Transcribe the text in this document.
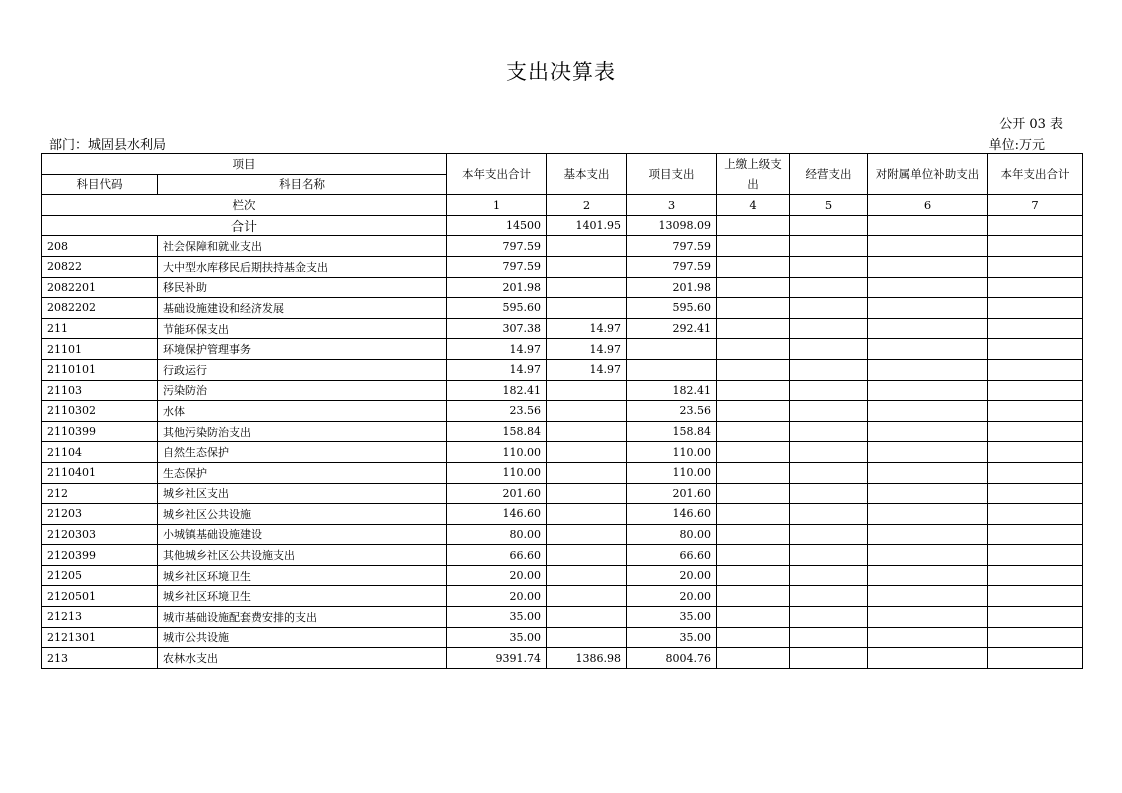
支出决算表
公开 03 表
部门：城固县水利局	单位:万元
项目		本年支出合计	基本支出	项目支出	上缴上级支出	经营支出	对附属单位补助支出	本年支出合计
科目代码	科目名称							
栏次		1	2	3	4	5	6	7
合计		14500	1401.95	13098.09				
208	社会保障和就业支出	797.59		797.59				
20822	大中型水库移民后期扶持基金支出	797.59		797.59				
2082201	移民补助	201.98		201.98				
2082202	基础设施建设和经济发展	595.60		595.60				
211	节能环保支出	307.38	14.97	292.41				
21101	环境保护管理事务	14.97	14.97					
2110101	行政运行	14.97	14.97					
21103	污染防治	182.41		182.41				
2110302	水体	23.56		23.56				
2110399	其他污染防治支出	158.84		158.84				
21104	自然生态保护	110.00		110.00				
2110401	生态保护	110.00		110.00				
212	城乡社区支出	201.60		201.60				
21203	城乡社区公共设施	146.60		146.60				
2120303	小城镇基础设施建设	80.00		80.00				
2120399	其他城乡社区公共设施支出	66.60		66.60				
21205	城乡社区环境卫生	20.00		20.00				
2120501	城乡社区环境卫生	20.00		20.00				
21213	城市基础设施配套费安排的支出	35.00		35.00				
2121301	城市公共设施	35.00		35.00				
213	农林水支出	9391.74	1386.98	8004.76				
